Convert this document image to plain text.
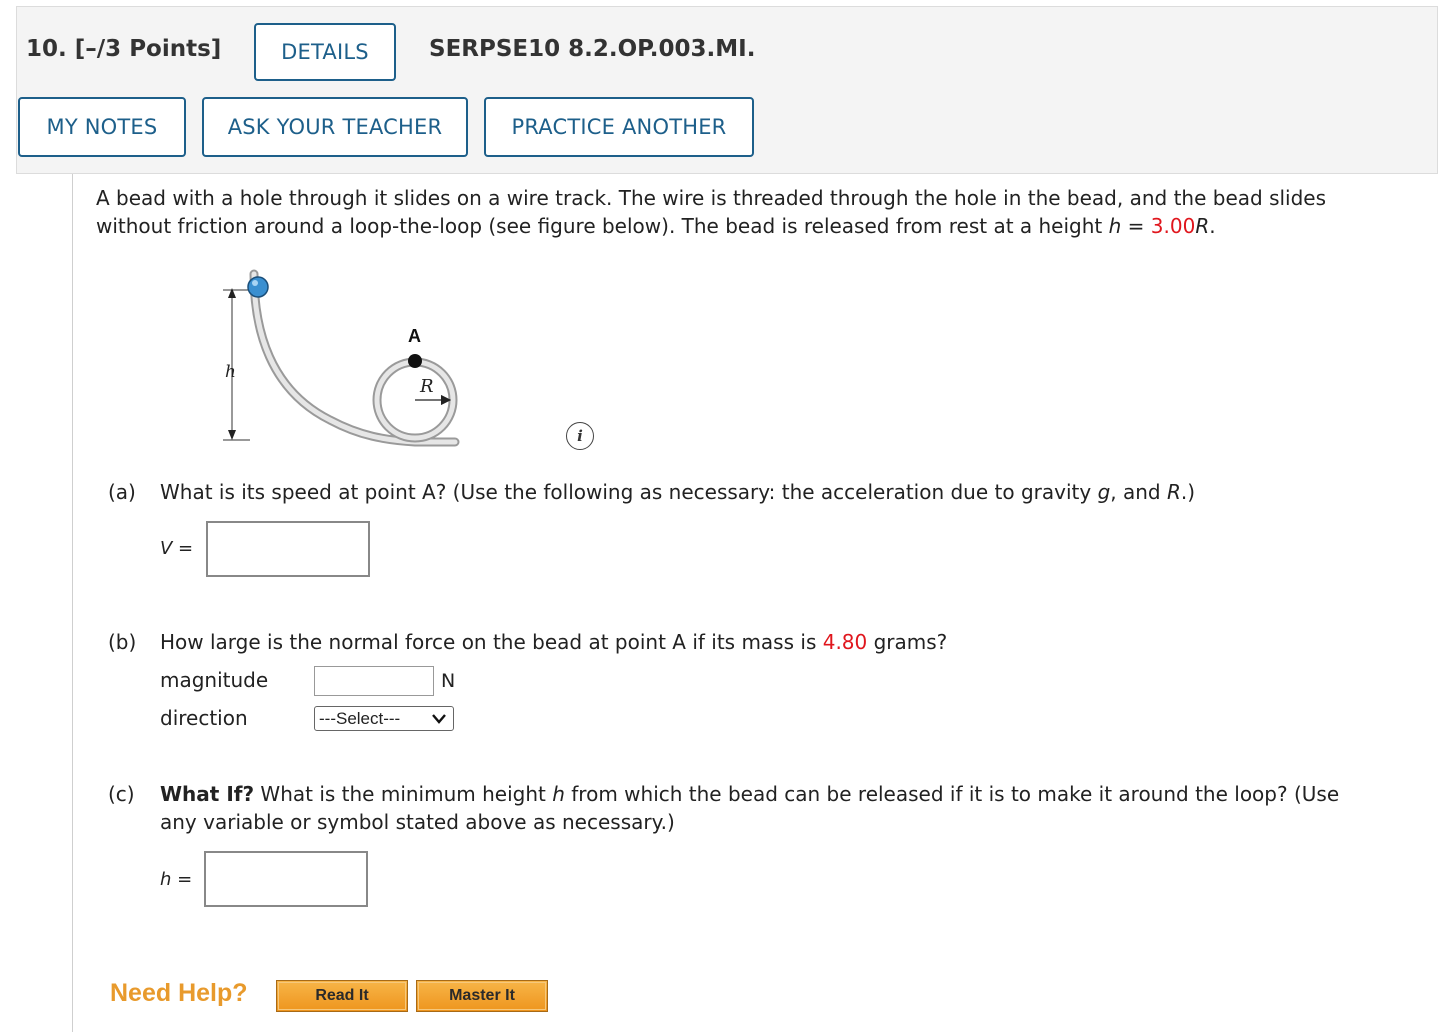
10. [–/3 Points]	DETAILS	SERPSE10 8.2.OP.003.MI.
MY NOTES	ASK YOUR TEACHER	PRACTICE ANOTHER
A bead with a hole through it slides on a wire track. The wire is threaded through the hole in the bead, and the bead slides
without friction around a loop-the-loop (see figure below). The bead is released from rest at a height h = 3.00R.
h
A
R
i
(a) What is its speed at point A? (Use the following as necessary: the acceleration due to gravity g, and R.)
V =
(b) How large is the normal force on the bead at point A if its mass is 4.80 grams?
magnitude	N
direction	---Select---
(c) What If? What is the minimum height h from which the bead can be released if it is to make it around the loop? (Use
any variable or symbol stated above as necessary.)
h =
Need Help?	Read It	Master It
